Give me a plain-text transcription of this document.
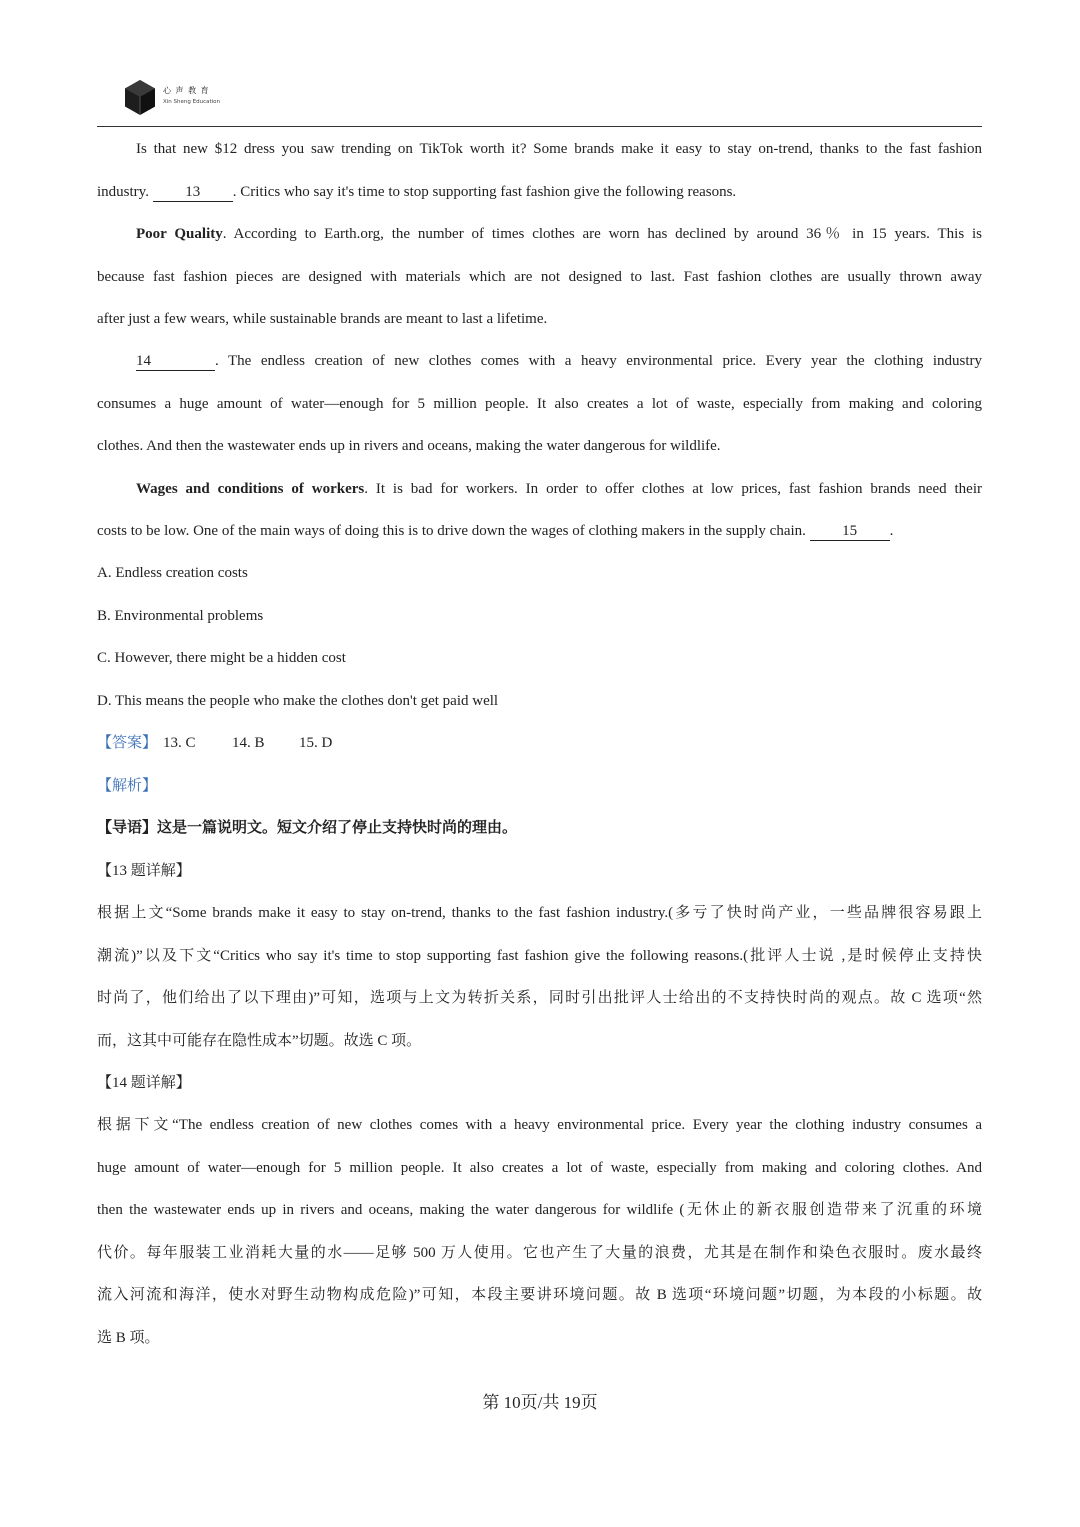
心 声 教 育
Xin Sheng Education
Is that new $12 dress you saw trending on TikTok worth it? Some brands make it easy to stay on-trend, thanks to the fast fashion
industry. 13 . Critics who say it's time to stop supporting fast fashion give the following reasons.
Poor Quality. According to Earth.org, the number of times clothes are worn has declined by around 36％ in 15 years. This is
because fast fashion pieces are designed with materials which are not designed to last. Fast fashion clothes are usually thrown away
after just a few wears, while sustainable brands are meant to last a lifetime.
14	. The endless creation of new clothes comes with a heavy environmental price. Every year the clothing industry
consumes a huge amount of water—enough for 5 million people. It also creates a lot of waste, especially from making and coloring
clothes. And then the wastewater ends up in rivers and oceans, making the water dangerous for wildlife.
Wages and conditions of workers. It is bad for workers. In order to offer clothes at low prices, fast fashion brands need their
costs to be low. One of the main ways of doing this is to drive down the wages of clothing makers in the supply chain. 15 .
A. Endless creation costs
B. Environmental problems
C. However, there might be a hidden cost
D. This means the people who make the clothes don't get paid well
【答案】 13. C 14. B 15. D
【解析】
【导语】这是一篇说明文。短文介绍了停止支持快时尚的理由。
【13 题详解】
根据上文“Some brands make it easy to stay on-trend, thanks to the fast fashion industry.(多亏了快时尚产业，一些品牌很容易跟上
潮流)”以及下文“Critics who say it's time to stop supporting fast fashion give the following reasons.(批评人士说 ,是时候停止支持快
时尚了，他们给出了以下理由)”可知，选项与上文为转折关系，同时引出批评人士给出的不支持快时尚的观点。故 C 选项“然
而，这其中可能存在隐性成本”切题。故选 C 项。
【14 题详解】
根据下文“The endless creation of new clothes comes with a heavy environmental price. Every year the clothing industry consumes a
huge amount of water—enough for 5 million people. It also creates a lot of waste, especially from making and coloring clothes. And
then the wastewater ends up in rivers and oceans, making the water dangerous for wildlife (无休止的新衣服创造带来了沉重的环境
代价。每年服装工业消耗大量的水——足够 500 万人使用。它也产生了大量的浪费，尤其是在制作和染色衣服时。废水最终
流入河流和海洋，使水对野生动物构成危险)”可知，本段主要讲环境问题。故 B 选项“环境问题”切题，为本段的小标题。故
选 B 项。
第 10页/共 19页
